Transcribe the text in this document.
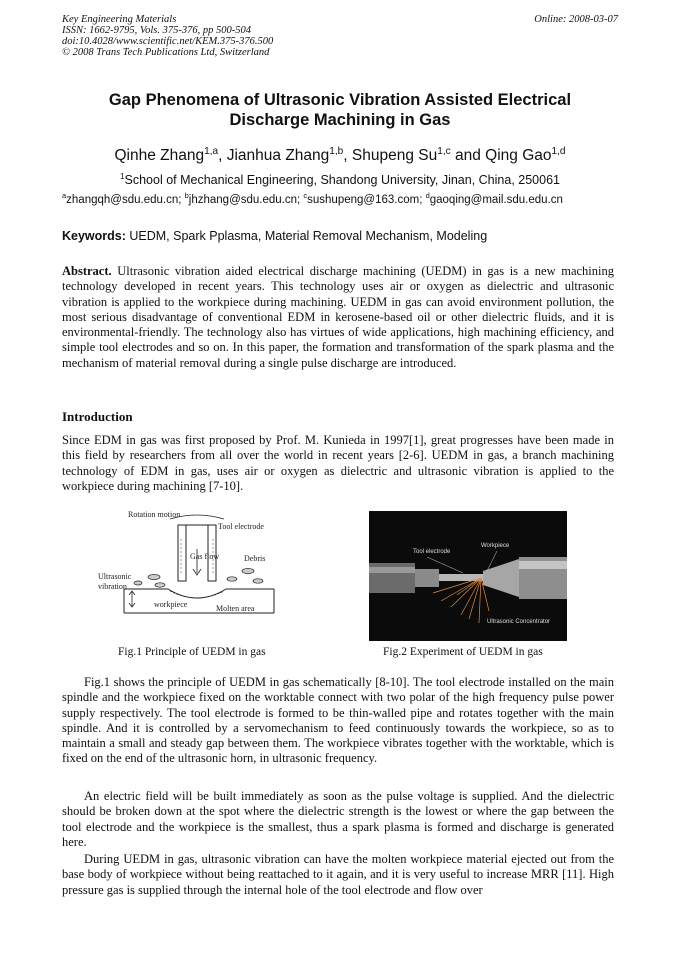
Key Engineering Materials
ISSN: 1662-9795, Vols. 375-376, pp 500-504
doi:10.4028/www.scientific.net/KEM.375-376.500
© 2008 Trans Tech Publications Ltd, Switzerland
Online: 2008-03-07
Gap Phenomena of Ultrasonic Vibration Assisted Electrical
Discharge Machining in Gas
Qinhe Zhang$^{1,a}$, Jianhua Zhang$^{1,b}$, Shupeng Su$^{1,c}$ and Qing Gao$^{1,d}$
$^1$School of Mechanical Engineering, Shandong University, Jinan, China, 250061
$^a$zhangqh@sdu.edu.cn; $^b$jhzhang@sdu.edu.cn; $^c$sushupeng@163.com; $^d$gaoqing@mail.sdu.edu.cn
Keywords: UEDM, Spark Pplasma, Material Removal Mechanism, Modeling
Abstract. Ultrasonic vibration aided electrical discharge machining (UEDM) in gas is a new machining technology developed in recent years. This technology uses air or oxygen as dielectric and ultrasonic vibration is applied to the workpiece during machining. UEDM in gas can avoid environment pollution, the most serious disadvantage of conventional EDM in kerosene-based oil or other dielectric fluids, and it is environmental-friendly. The technology also has virtues of wide applications, high machining efficiency, and simple tool electrodes and so on. In this paper, the formation and transformation of the spark plasma and the mechanism of material removal during a single pulse discharge are introduced.
Introduction
Since EDM in gas was first proposed by Prof. M. Kunieda in 1997[1], great progresses have been made in this field by researchers from all over the world in recent years [2-6]. UEDM in gas, a branch machining technology of EDM in gas, uses air or oxygen as dielectric and ultrasonic vibration is applied to the workpiece during machining [7-10].
Rotation motion
Tool electrode
Gas flow	Debris
Ultrasonic
vibration
workpiece	Molten area
Tool electrode
Workpiece
Ultrasonic Concentrator
Fig.1 Principle of UEDM in gas	Fig.2 Experiment of UEDM in gas
Fig.1 shows the principle of UEDM in gas schematically [8-10]. The tool electrode installed on the main spindle and the workpiece fixed on the worktable connect with two polar of the high frequency pulse power supply respectively. The tool electrode is formed to be thin-walled pipe and rotates together with the main spindle. And it is controlled by a servomechanism to feed continuously towards the workpiece, so as to maintain a small and steady gap between them. The workpiece vibrates together with the worktable, which is fixed on the end of the ultrasonic horn, in ultrasonic frequency.
An electric field will be built immediately as soon as the pulse voltage is supplied. And the dielectric should be broken down at the spot where the dielectric strength is the lowest or where the gap between the tool electrode and the workpiece is the smallest, thus a spark plasma is formed and discharge is generated here.
During UEDM in gas, ultrasonic vibration can have the molten workpiece material ejected out from the base body of workpiece without being reattached to it again, and it is very useful to increase MRR [11]. High pressure gas is supplied through the internal hole of the tool electrode and flow over
